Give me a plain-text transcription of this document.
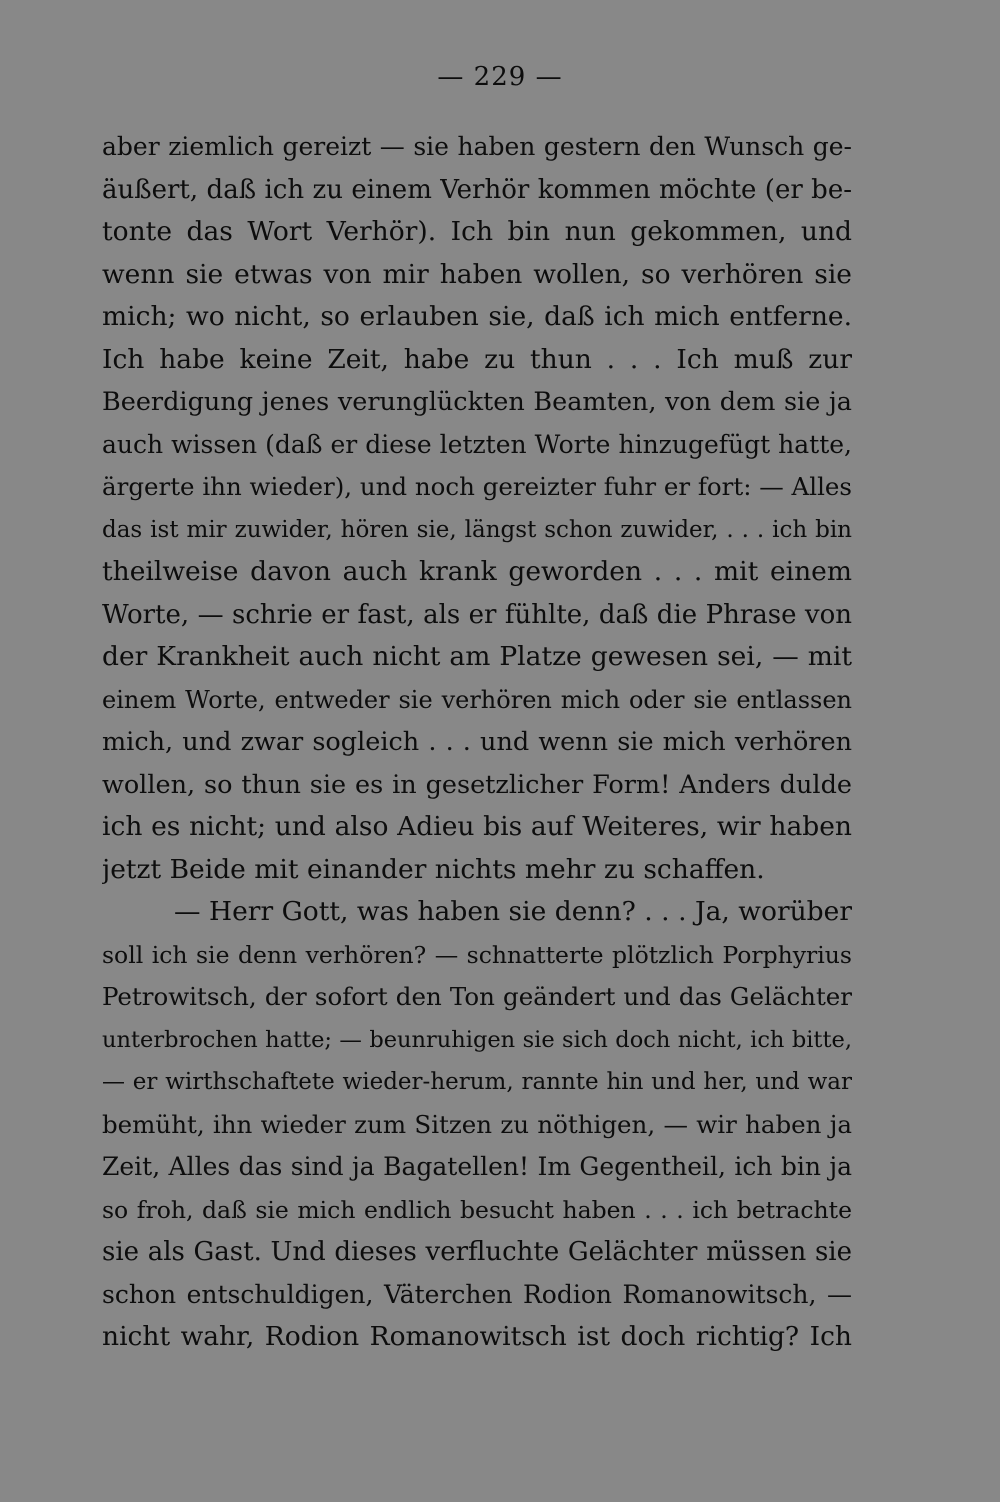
— 229 —
aber ziemlich gereizt — sie haben gestern den Wunsch ge-
äußert, daß ich zu einem Verhör kommen möchte (er be-
tonte das Wort Verhör). Ich bin nun gekommen, und
wenn sie etwas von mir haben wollen, so verhören sie
mich; wo nicht, so erlauben sie, daß ich mich entferne.
Ich habe keine Zeit, habe zu thun . . . Ich muß zur
Beerdigung jenes verunglückten Beamten, von dem sie ja
auch wissen (daß er diese letzten Worte hinzugefügt hatte,
ärgerte ihn wieder), und noch gereizter fuhr er fort: — Alles
das ist mir zuwider, hören sie, längst schon zuwider, . . . ich bin
theilweise davon auch krank geworden . . . mit einem
Worte, — schrie er fast, als er fühlte, daß die Phrase von
der Krankheit auch nicht am Platze gewesen sei, — mit
einem Worte, entweder sie verhören mich oder sie entlassen
mich, und zwar sogleich . . . und wenn sie mich verhören
wollen, so thun sie es in gesetzlicher Form! Anders dulde
ich es nicht; und also Adieu bis auf Weiteres, wir haben
jetzt Beide mit einander nichts mehr zu schaffen.
— Herr Gott, was haben sie denn? . . . Ja, worüber
soll ich sie denn verhören? — schnatterte plötzlich Porphyrius
Petrowitsch, der sofort den Ton geändert und das Gelächter
unterbrochen hatte; — beunruhigen sie sich doch nicht, ich bitte,
— er wirthschaftete wieder-herum, rannte hin und her, und war
bemüht, ihn wieder zum Sitzen zu nöthigen, — wir haben ja
Zeit, Alles das sind ja Bagatellen! Im Gegentheil, ich bin ja
so froh, daß sie mich endlich besucht haben . . . ich betrachte
sie als Gast. Und dieses verfluchte Gelächter müssen sie
schon entschuldigen, Väterchen Rodion Romanowitsch, —
nicht wahr, Rodion Romanowitsch ist doch richtig? Ich
